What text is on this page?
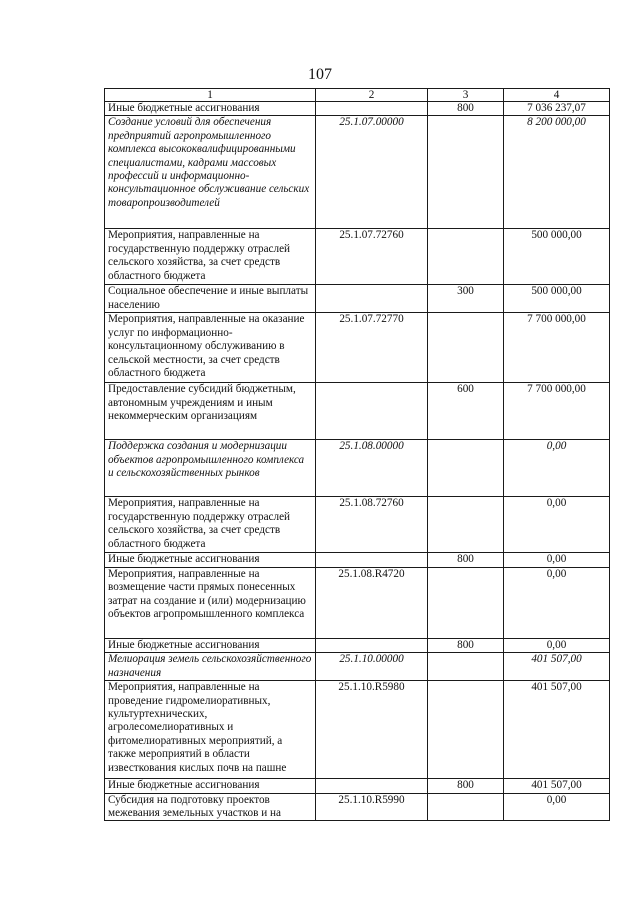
107
1	2	3	4
Иные бюджетные ассигнования		800	7 036 237,07
Создание условий для обеспечения предприятий агропромышленного комплекса высококвалифицированными специалистами, кадрами массовых профессий и информационно-консультационное обслуживание сельских товаропроизводителей	25.1.07.00000		8 200 000,00
Мероприятия, направленные на государственную поддержку отраслей сельского хозяйства, за счет средств областного бюджета	25.1.07.72760		500 000,00
Социальное обеспечение и иные выплаты населению		300	500 000,00
Мероприятия, направленные на оказание услуг по информационно-консультационному обслуживанию в сельской местности, за счет средств областного бюджета	25.1.07.72770		7 700 000,00
Предоставление субсидий бюджетным, автономным учреждениям и иным некоммерческим организациям		600	7 700 000,00
Поддержка создания и модернизации объектов агропромышленного комплекса и сельскохозяйственных рынков	25.1.08.00000		0,00
Мероприятия, направленные на государственную поддержку отраслей сельского хозяйства, за счет средств областного бюджета	25.1.08.72760		0,00
Иные бюджетные ассигнования		800	0,00
Мероприятия, направленные на возмещение части прямых понесенных затрат на создание и (или) модернизацию объектов агропромышленного комплекса	25.1.08.R4720		0,00
Иные бюджетные ассигнования		800	0,00
Мелиорация земель сельскохозяйственного назначения	25.1.10.00000		401 507,00
Мероприятия, направленные на проведение гидромелиоративных, культуртехнических, агролесомелиоративных и фитомелиоративных мероприятий, а также мероприятий в области известкования кислых почв на пашне	25.1.10.R5980		401 507,00
Иные бюджетные ассигнования		800	401 507,00
Субсидия на подготовку проектов межевания земельных участков и на	25.1.10.R5990		0,00
